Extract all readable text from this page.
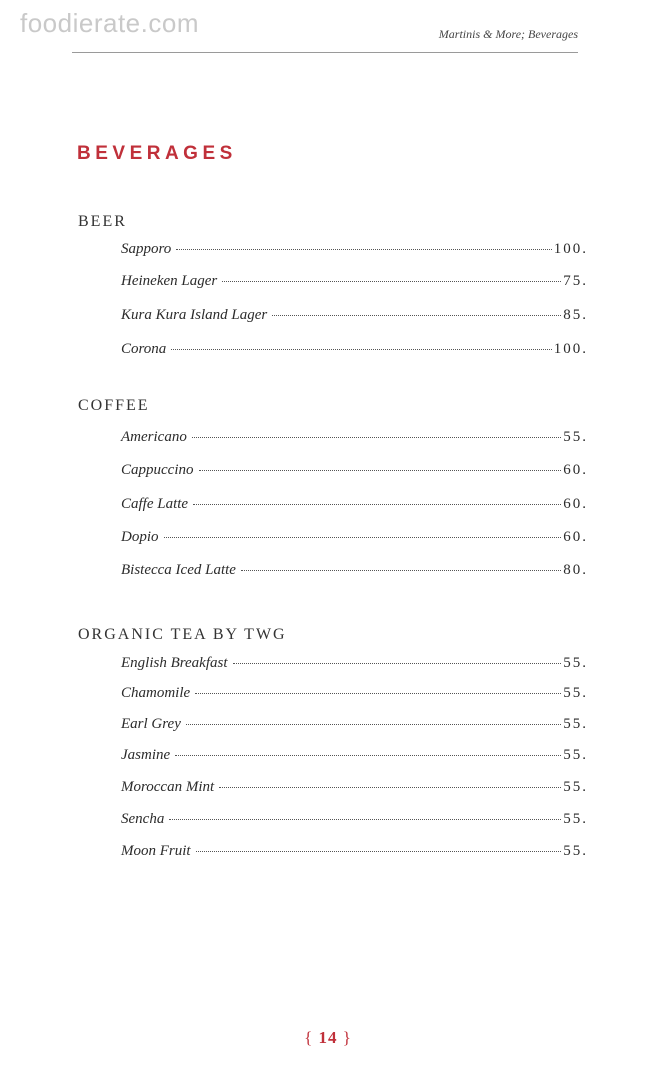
foodierate.com	Martinis & More; Beverages
BEVERAGES
BEER
Sapporo	100.
Heineken Lager	75.
Kura Kura Island Lager	85.
Corona	100.
COFFEE
Americano	55.
Cappuccino	60.
Caffe Latte	60.
Dopio	60.
Bistecca Iced Latte	80.
ORGANIC TEA BY TWG
English Breakfast	55.
Chamomile	55.
Earl Grey	55.
Jasmine	55.
Moroccan Mint	55.
Sencha	55.
Moon Fruit	55.
{ 14 }
